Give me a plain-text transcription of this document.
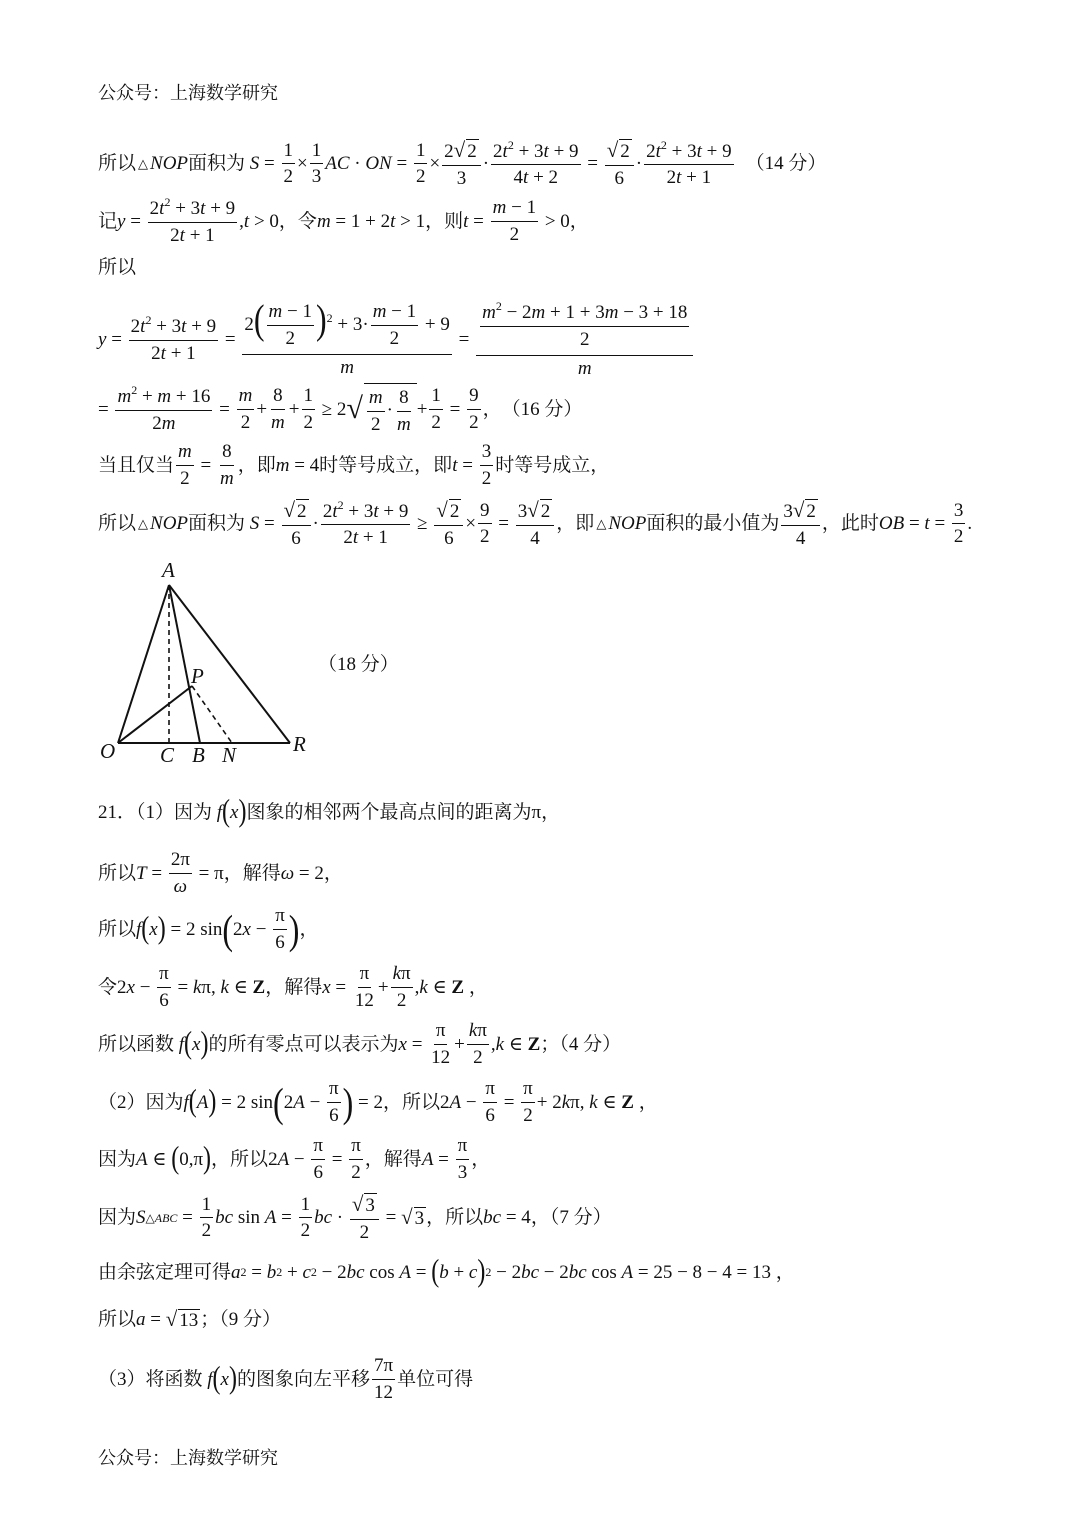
公众号：上海数学研究
所以 △ NOP 面积为 S =
1
2
×
1
3
AC · ON =
1
2
×
2√ 2
3
·
$2t^2 + 3t + 9$
4t + 2
=
√ 2
6
·
$2t^2 + 3t + 9$
2t + 1
（14 分）
记 y =
$2t^2 + 3t + 9$
2t + 1
, t > 0 ，令 m = 1 + 2 t > 1 ，则 t =
m − 1
2
> 0 ，
所以
y =
$2t^2 + 3t + 9$
2t + 1
=
$2( \frac{m - 1}{2} )^2 + 3\cdot \frac{m - 1}{2} + 9$
m
= $\frac{m^2 - 2m + 1 + 3m - 3 + 18}{2}$
m
=
$m^2 + m + 16$
2m
=
m
2
+
8
m
+
1
2
≥ 2 √ $\frac{m}{2} \cdot \frac{8}{m}$ +
1
2
=
9
2
， （16 分）
当且仅当
m
2
=
8
m
，即 m = 4 时等号成立，即 t =
3
2
时等号成立，
所以 △ NOP 面积为 S =
√ 2
6
·
$2t^2 + 3t + 9$
2t + 1
≥
√ 2
6
×
9
2
=
3√ 2
4
，即 △ NOP 面积的最小值为
3√ 2
4
，此时 OB = t =
3
2
.
A
P
O C B N	R
（18 分）
21．（1）因为 f ( x ) 图象的相邻两个最高点间的距离为π，
所以 T =
2π
ω
= π ，解得 ω = 2，
所以 f ( x ) = 2 sin ( 2 x −
π
6 ) ，
令 2 x −
π
6
= k π, k ∈ Z ，解得 x =
π
12
+
kπ
2
, k ∈ Z ，
所以函数 f ( x ) 的所有零点可以表示为 x =
π
12
+
kπ
2
, k ∈ Z ；（4 分）
（2）因为 f ( A ) = 2 sin ( 2 A −
π
6 ) = 2 ，所以 2 A −
π
6
=
π
2
+ 2 k π, k ∈ Z ，
因为 A ∈ ( 0,π ) ，所以 2 A −
π
6
=
π
2
，解得 A =
π
3
，
因为 S △ABC =
1
2
bc sin A =
1
2
bc ·
√ 3
2
= √ 3 ，所以 bc = 4 ，（7 分）
由余弦定理可得 a 2 = b 2 + c 2 − 2 bc cos A = ( b + c ) 2 − 2 bc − 2 bc cos A = 25 − 8 − 4 = 13 ，
所以 a = √ 13 ；（9 分）
（3）将函数 f ( x ) 的图象向左平移
7π
12
单位可得
公众号：上海数学研究
